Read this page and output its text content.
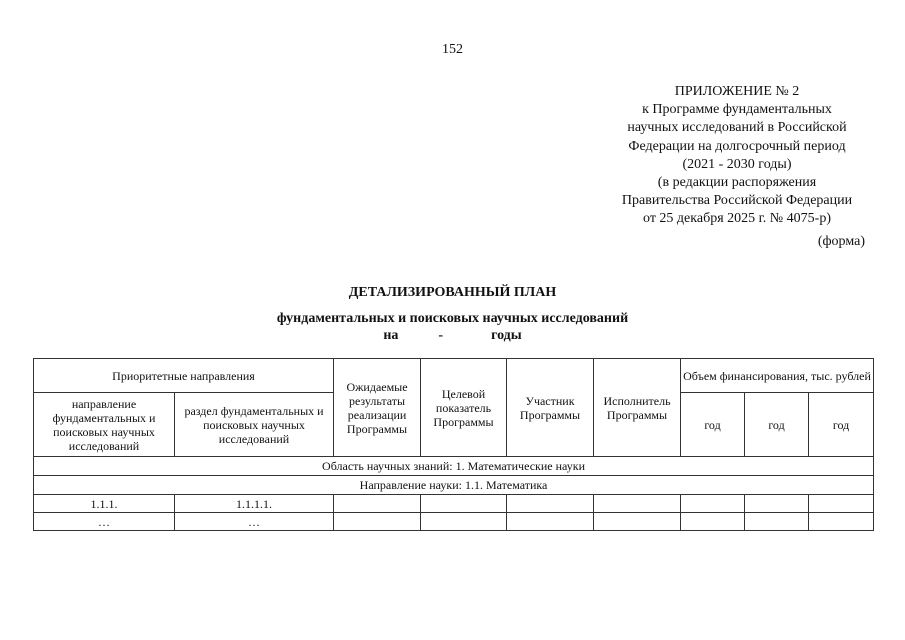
152
ПРИЛОЖЕНИЕ № 2
к Программе фундаментальных
научных исследований в Российской
Федерации на долгосрочный период
(2021 - 2030 годы)
(в редакции распоряжения
Правительства Российской Федерации
от 25 декабря 2025 г. № 4075-р)
(форма)
ДЕТАЛИЗИРОВАННЫЙ ПЛАН
фундаментальных и поисковых научных исследований
на	-	годы
Приоритетные направления		Ожидаемые результаты реализации Программы	Целевой показатель Программы	Участник Программы	Исполнитель Программы	Объем финансирования, тыс. рублей		
направление фундаментальных и поисковых научных исследований	раздел фундаментальных и поисковых научных исследований					год	год	год
Область научных знаний: 1. Математические науки								
Направление науки: 1.1. Математика								
1.1.1.	1.1.1.1.							
…	…							
